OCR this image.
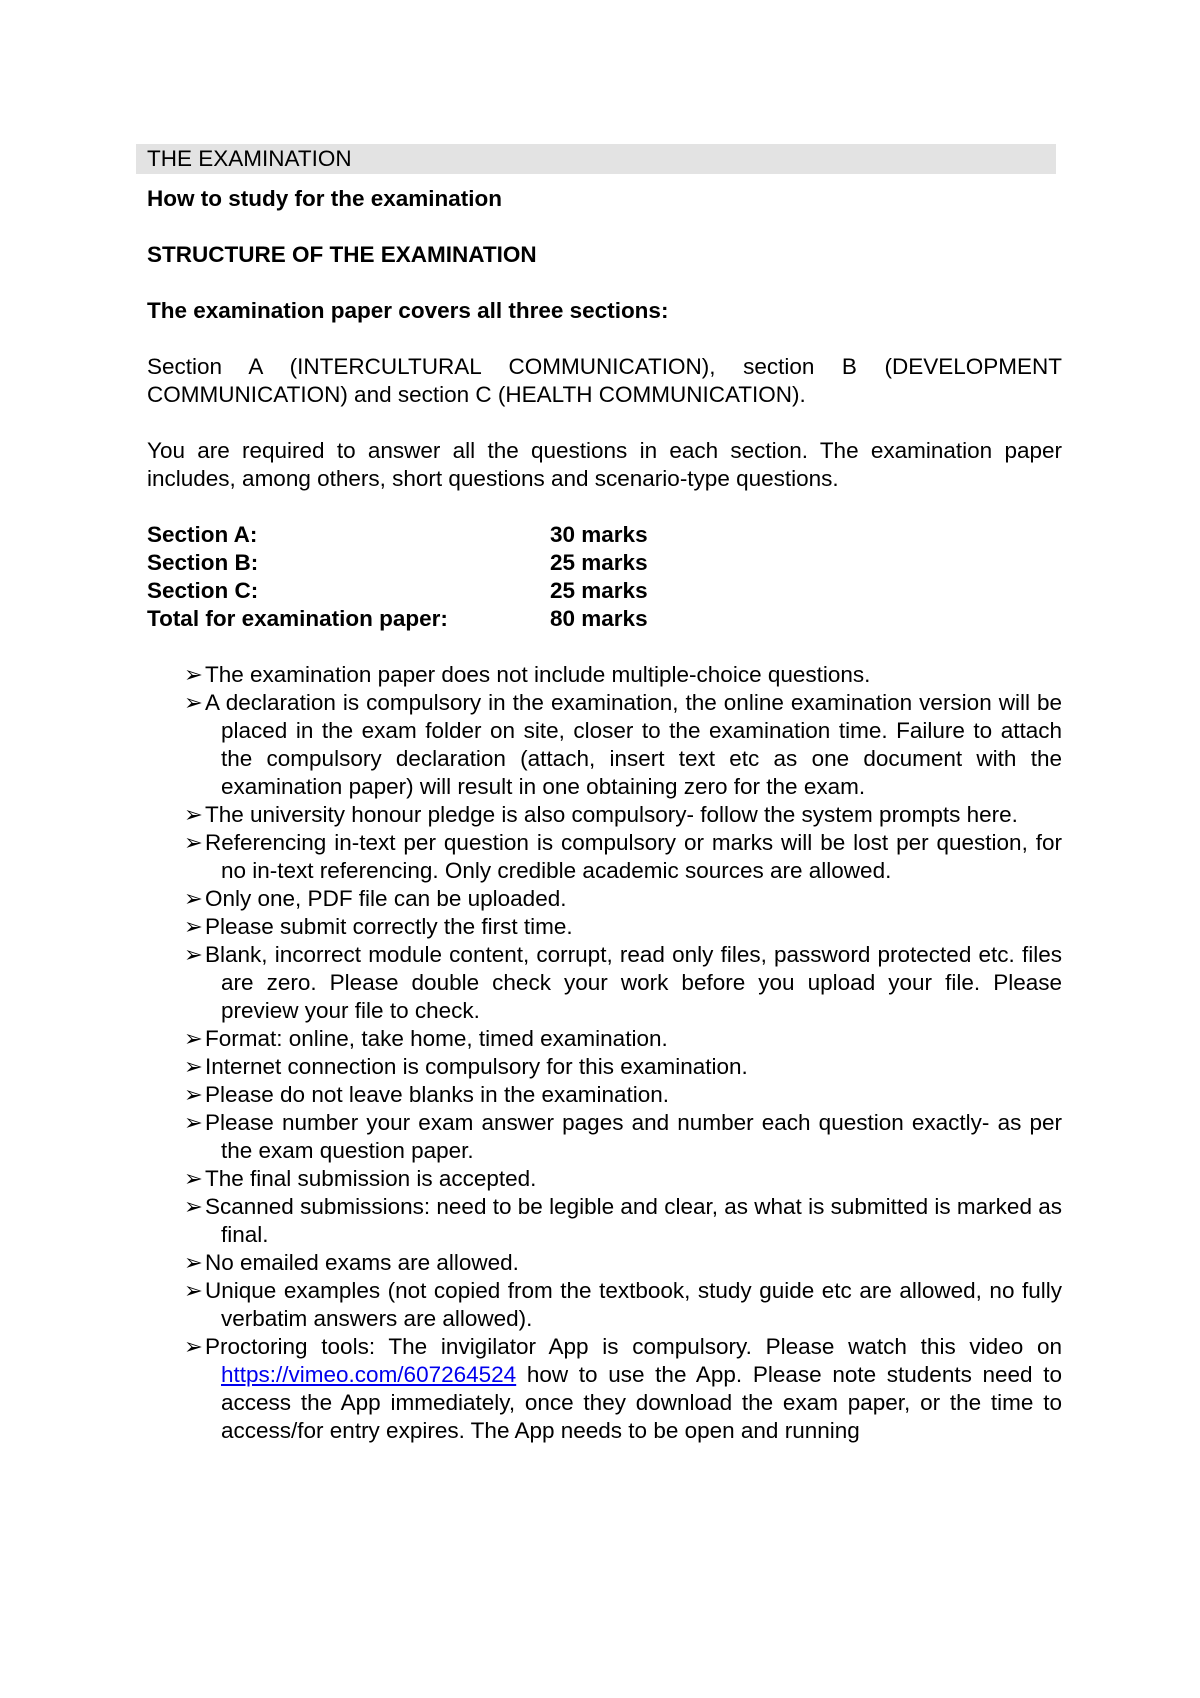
THE EXAMINATION

How to study for the examination

STRUCTURE OF THE EXAMINATION

The examination paper covers all three sections:

Section A (INTERCULTURAL COMMUNICATION), section B (DEVELOPMENT COMMUNICATION) and section C (HEALTH COMMUNICATION).

You are required to answer all the questions in each section. The examination paper includes, among others, short questions and scenario-type questions.

Section A:	30 marks
Section B:	25 marks
Section C:	25 marks
Total for examination paper:	80 marks
➢ The examination paper does not include multiple-choice questions.
➢ A declaration is compulsory in the examination, the online examination version will be placed in the exam folder on site, closer to the examination time. Failure to attach the compulsory declaration (attach, insert text etc as one document with the examination paper) will result in one obtaining zero for the exam.
➢ The university honour pledge is also compulsory- follow the system prompts here.
➢ Referencing in-text per question is compulsory or marks will be lost per question, for no in-text referencing. Only credible academic sources are allowed.
➢ Only one, PDF file can be uploaded.
➢ Please submit correctly the first time.
➢ Blank, incorrect module content, corrupt, read only files, password protected etc. files are zero. Please double check your work before you upload your file. Please preview your file to check.
➢ Format: online, take home, timed examination.
➢ Internet connection is compulsory for this examination.
➢ Please do not leave blanks in the examination.
➢ Please number your exam answer pages and number each question exactly- as per the exam question paper.
➢ The final submission is accepted.
➢ Scanned submissions: need to be legible and clear, as what is submitted is marked as final.
➢ No emailed exams are allowed.
➢ Unique examples (not copied from the textbook, study guide etc are allowed, no fully verbatim answers are allowed).
➢ Proctoring tools: The invigilator App is compulsory. Please watch this video on https://vimeo.com/607264524 how to use the App. Please note students need to access the App immediately, once they download the exam paper, or the time to access/for entry expires. The App needs to be open and running
